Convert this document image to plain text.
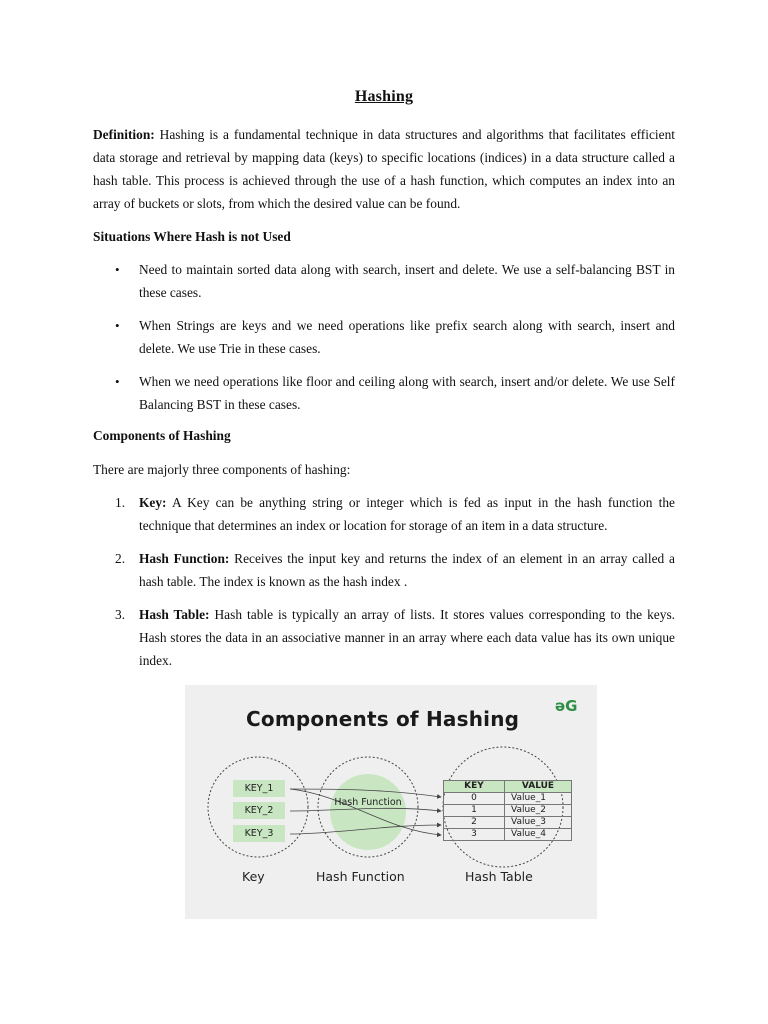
Hashing
Definition: Hashing is a fundamental technique in data structures and algorithms that facilitates efficient data storage and retrieval by mapping data (keys) to specific locations (indices) in a data structure called a hash table. This process is achieved through the use of a hash function, which computes an index into an array of buckets or slots, from which the desired value can be found.
Situations Where Hash is not Used
• Need to maintain sorted data along with search, insert and delete. We use a self-balancing BST in these cases.
• When Strings are keys and we need operations like prefix search along with search, insert and delete. We use Trie in these cases.
• When we need operations like floor and ceiling along with search, insert and/or delete. We use Self Balancing BST in these cases.
Components of Hashing
There are majorly three components of hashing:
1. Key: A Key can be anything string or integer which is fed as input in the hash function the technique that determines an index or location for storage of an item in a data structure.
2. Hash Function: Receives the input key and returns the index of an element in an array called a hash table. The index is known as the hash index .
3. Hash Table: Hash table is typically an array of lists. It stores values corresponding to the keys. Hash stores the data in an associative manner in an array where each data value has its own unique index.
Components of Hashing
əG
KEY_1
KEY_2
KEY_3
Hash Function
KEY	VALUE
0	Value_1
1	Value_2
2	Value_3
3	Value_4
Key	Hash Function	Hash Table
